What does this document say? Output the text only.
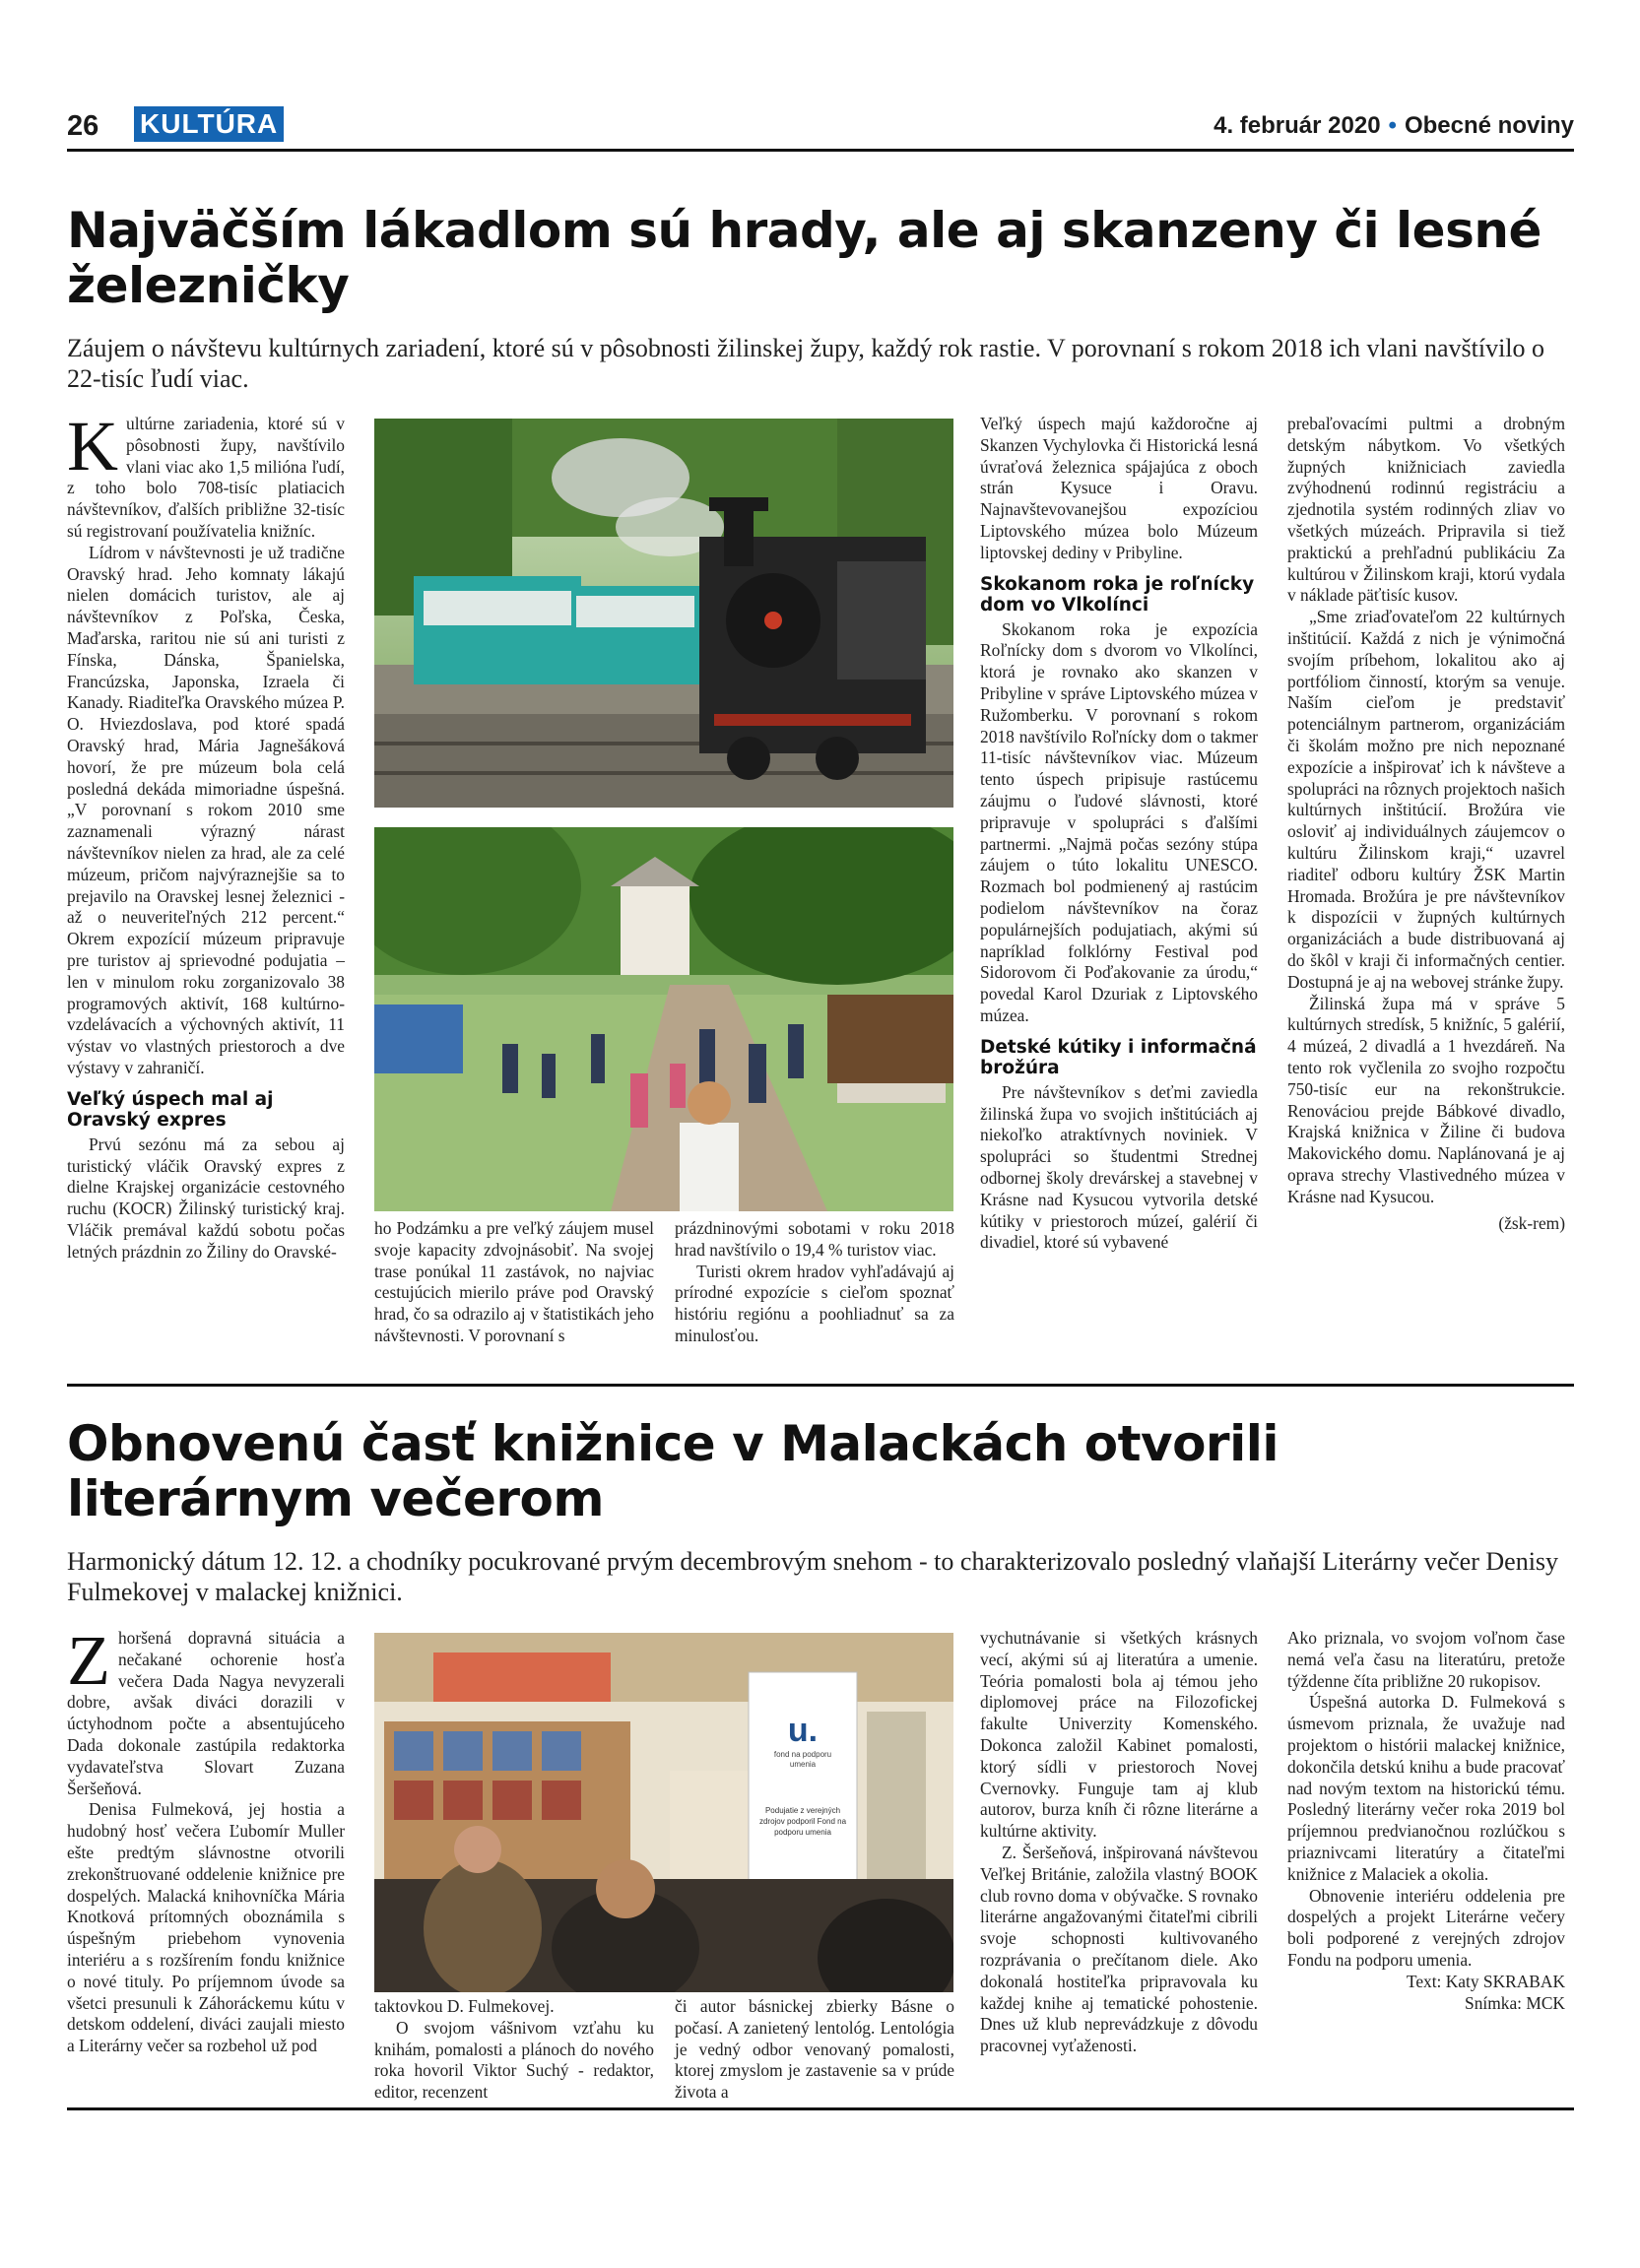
26 KULTÚRA	4. február 2020 • Obecné noviny
Najväčším lákadlom sú hrady, ale aj skanzeny či lesné železničky
Záujem o návštevu kultúrnych zariadení, ktoré sú v pôsobnosti žilinskej župy, každý rok rastie. V porovnaní s rokom 2018 ich vlani navštívilo o 22-tisíc ľudí viac.

Kultúrne zariadenia, ktoré sú v pôsobnosti župy, navštívilo vlani viac ako 1,5 milióna ľudí, z toho bolo 708-tisíc platiacich návštevníkov, ďalších približne 32-tisíc sú registrovaní používatelia knižníc.

Lídrom v návštevnosti je už tradične Oravský hrad. Jeho komnaty lákajú nielen domácich turistov, ale aj návštevníkov z Poľska, Česka, Maďarska, raritou nie sú ani turisti z Fínska, Dánska, Španielska, Francúzska, Japonska, Izraela či Kanady. Riaditeľka Oravského múzea P. O. Hviezdoslava, pod ktoré spadá Oravský hrad, Mária Jagnešáková hovorí, že pre múzeum bola celá posledná dekáda mimoriadne úspešná. „V porovnaní s rokom 2010 sme zaznamenali výrazný nárast návštevníkov nielen za hrad, ale za celé múzeum, pričom najvýraznejšie sa to prejavilo na Oravskej lesnej železnici - až o neuveriteľných 212 percent.“ Okrem expozícií múzeum pripravuje pre turistov aj sprievodné podujatia – len v minulom roku zorganizovalo 38 programových aktivít, 168 kultúrno-vzdelávacích a výchovných aktivít, 11 výstav vo vlastných priestoroch a dve výstavy v zahraničí.

Veľký úspech mal aj Oravský expres

Prvú sezónu má za sebou aj turistický vláčik Oravský expres z dielne Krajskej organizácie cestovného ruchu (KOCR) Žilinský turistický kraj. Vláčik premával každú sobotu počas letných prázdnin zo Žiliny do Oravské-

ho Podzámku a pre veľký záujem musel svoje kapacity zdvojnásobiť. Na svojej trase ponúkal 11 zastávok, no najviac cestujúcich mierilo práve pod Oravský hrad, čo sa odrazilo aj v štatistikách jeho návštevnosti. V porovnaní s

prázdninovými sobotami v roku 2018 hrad navštívilo o 19,4 % turistov viac.

Turisti okrem hradov vyhľadávajú aj prírodné expozície s cieľom spoznať históriu regiónu a poohliadnuť sa za minulosťou.

Veľký úspech majú každoročne aj Skanzen Vychylovka či Historická lesná úvraťová železnica spájajúca z oboch strán Kysuce i Oravu. Najnavštevovanejšou expozíciou Liptovského múzea bolo Múzeum liptovskej dediny v Pribyline.

Skokanom roka je roľnícky dom vo Vlkolínci

Skokanom roka je expozícia Roľnícky dom s dvorom vo Vlkolínci, ktorá je rovnako ako skanzen v Pribyline v správe Liptovského múzea v Ružomberku. V porovnaní s rokom 2018 navštívilo Roľnícky dom o takmer 11-tisíc návštevníkov viac. Múzeum tento úspech pripisuje rastúcemu záujmu o ľudové slávnosti, ktoré pripravuje v spolupráci s ďalšími partnermi. „Najmä počas sezóny stúpa záujem o túto lokalitu UNESCO. Rozmach bol podmienený aj rastúcim podielom návštevníkov na čoraz populárnejších podujatiach, akými sú napríklad folklórny Festival pod Sidorovom či Poďakovanie za úrodu,“ povedal Karol Dzuriak z Liptovského múzea.

Detské kútiky i informačná brožúra

Pre návštevníkov s deťmi zaviedla žilinská župa vo svojich inštitúciách aj niekoľko atraktívnych noviniek. V spolupráci so študentmi Strednej odbornej školy drevárskej a stavebnej v Krásne nad Kysucou vytvorila detské kútiky v priestoroch múzeí, galérií či divadiel, ktoré sú vybavené

prebaľovacími pultmi a drobným detským nábytkom. Vo všetkých župných knižniciach zaviedla zvýhodnenú rodinnú registráciu a zjednotila systém rodinných zliav vo všetkých múzeách. Pripravila si tiež praktickú a prehľadnú publikáciu Za kultúrou v Žilinskom kraji, ktorú vydala v náklade päťtisíc kusov.

„Sme zriaďovateľom 22 kultúrnych inštitúcií. Každá z nich je výnimočná svojím príbehom, lokalitou ako aj portfóliom činností, ktorým sa venuje. Naším cieľom je predstaviť potenciálnym partnerom, organizáciám či školám možno pre nich nepoznané expozície a inšpirovať ich k návšteve a spolupráci na rôznych projektoch našich kultúrnych inštitúcií. Brožúra vie osloviť aj individuálnych záujemcov o kultúru Žilinskom kraji,“ uzavrel riaditeľ odboru kultúry ŽSK Martin Hromada. Brožúra je pre návštevníkov k dispozícii v župných kultúrnych organizáciách a bude distribuovaná aj do škôl v kraji či informačných centier. Dostupná je aj na webovej stránke župy.

Žilinská župa má v správe 5 kultúrnych stredísk, 5 knižníc, 5 galérií, 4 múzeá, 2 divadlá a 1 hvezdáreň. Na tento rok vyčlenila zo svojho rozpočtu 750-tisíc eur na rekonštrukcie. Renováciou prejde Bábkové divadlo, Krajská knižnica v Žiline či budova Makovického domu. Naplánovaná je aj oprava strechy Vlastivedného múzea v Krásne nad Kysucou.

(žsk-rem)

Obnovenú časť knižnice v Malackách otvorili literárnym večerom
Harmonický dátum 12. 12. a chodníky pocukrované prvým decembrovým snehom - to charakterizovalo posledný vlaňajší Literárny večer Denisy Fulmekovej v malackej knižnici.

Zhoršená dopravná situácia a nečakané ochorenie hosťa večera Dada Nagya nevyzerali dobre, avšak diváci dorazili v úctyhodnom počte a absentujúceho Dada dokonale zastúpila redaktorka vydavateľstva Slovart Zuzana Šeršeňová.

Denisa Fulmeková, jej hostia a hudobný hosť večera Ľubomír Muller ešte predtým slávnostne otvorili zrekonštruované oddelenie knižnice pre dospelých. Malacká knihovníčka Mária Knotková prítomných oboznámila s úspešným priebehom vynovenia interiéru a s rozšírením fondu knižnice o nové tituly. Po príjemnom úvode sa všetci presunuli k Záhoráckemu kútu v detskom oddelení, diváci zaujali miesto a Literárny večer sa rozbehol už pod

u.
fond na podporu umenia
Podujatie z verejných zdrojov podporil Fond na podporu umenia

taktovkou D. Fulmekovej.

O svojom vášnivom vzťahu ku knihám, pomalosti a plánoch do nového roka hovoril Viktor Suchý - redaktor, editor, recenzent

či autor básnickej zbierky Básne o počasí. A zanietený lentológ. Lentológia je vedný odbor venovaný pomalosti, ktorej zmyslom je zastavenie sa v prúde života a

vychutnávanie si všetkých krásnych vecí, akými sú aj literatúra a umenie. Teória pomalosti bola aj témou jeho diplomovej práce na Filozofickej fakulte Univerzity Komenského. Dokonca založil Kabinet pomalosti, ktorý sídli v priestoroch Novej Cvernovky. Funguje tam aj klub autorov, burza kníh či rôzne literárne a kultúrne aktivity.

Z. Šeršeňová, inšpirovaná návštevou Veľkej Británie, založila vlastný BOOK club rovno doma v obývačke. S rovnako literárne angažovanými čitateľmi cibrili svoje schopnosti kultivovaného rozprávania o prečítanom diele. Ako dokonalá hostiteľka pripravovala ku každej knihe aj tematické pohostenie. Dnes už klub neprevádzkuje z dôvodu pracovnej vyťaženosti.

Ako priznala, vo svojom voľnom čase nemá veľa času na literatúru, pretože týždenne číta približne 20 rukopisov.

Úspešná autorka D. Fulmeková s úsmevom priznala, že uvažuje nad projektom o histórii malackej knižnice, dokončila detskú knihu a bude pracovať nad novým textom na historickú tému. Posledný literárny večer roka 2019 bol príjemnou predvianočnou rozlúčkou s priaznivcami literatúry a čitateľmi knižnice z Malaciek a okolia.

Obnovenie interiéru oddelenia pre dospelých a projekt Literárne večery boli podporené z verejných zdrojov Fondu na podporu umenia.

Text: Katy SKRABAK

Snímka: MCK
